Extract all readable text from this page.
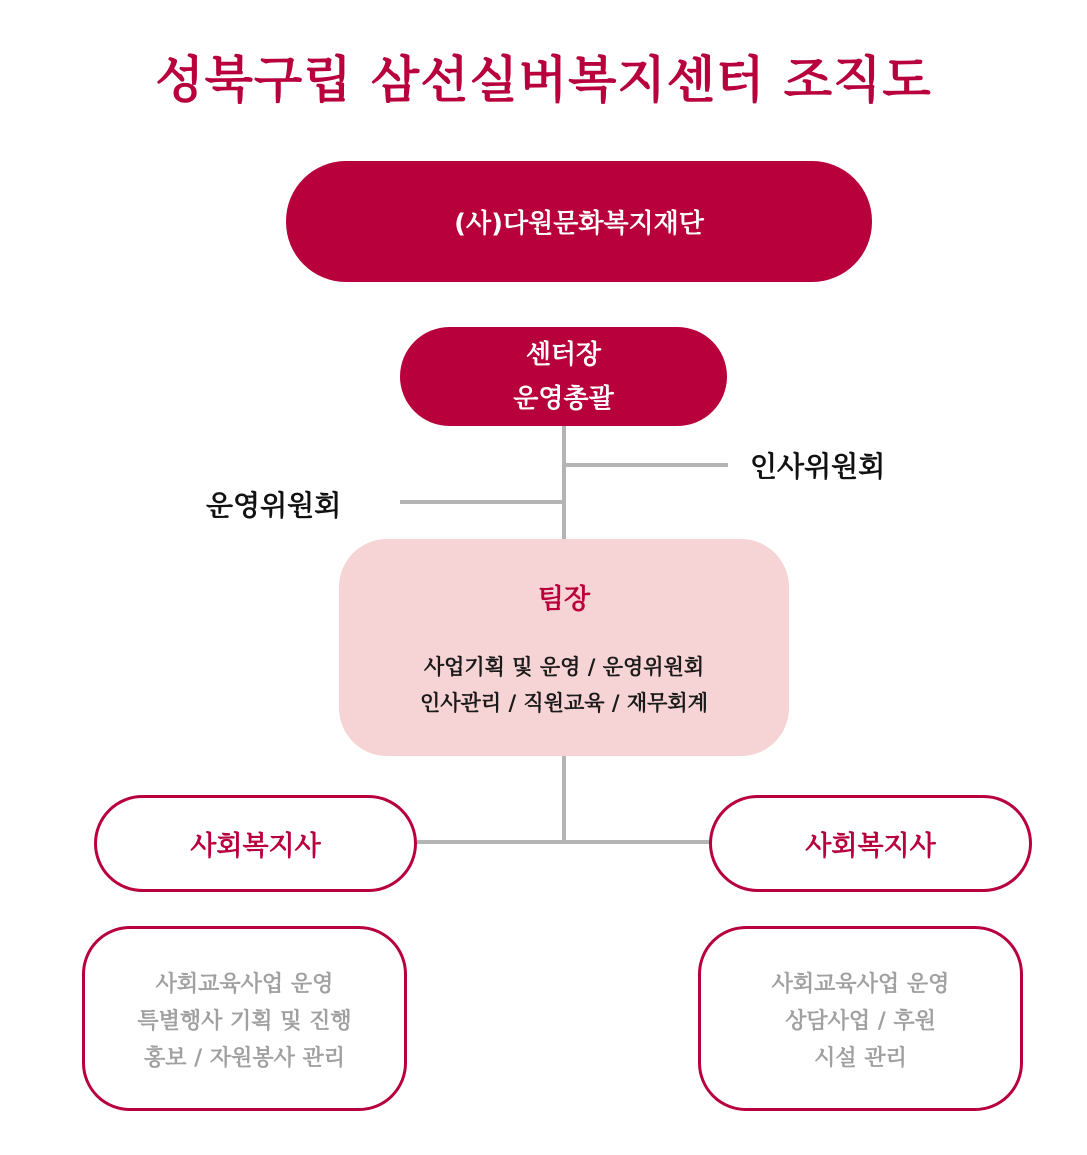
성북구립 삼선실버복지센터 조직도
(사)다원문화복지재단
센터장
운영총괄
인사위원회
운영위원회
팀장
사업기획 및 운영 / 운영위원회
인사관리 / 직원교육 / 재무회계
사회복지사	사회복지사
사회교육사업 운영
특별행사 기획 및 진행
홍보 / 자원봉사 관리
사회교육사업 운영
상담사업 / 후원
시설 관리
